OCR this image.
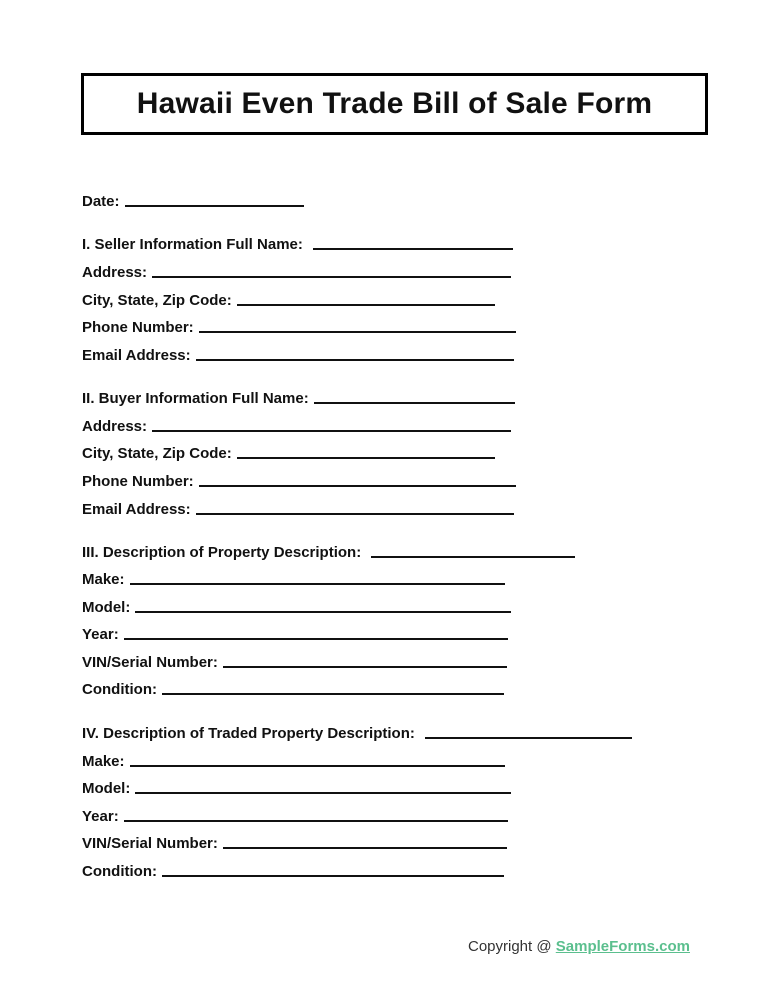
Hawaii Even Trade Bill of Sale Form
Date:
I. Seller Information Full Name:
Address:
City, State, Zip Code:
Phone Number:
Email Address:
II. Buyer Information Full Name:
Address:
City, State, Zip Code:
Phone Number:
Email Address:
III. Description of Property Description:
Make:
Model:
Year:
VIN/Serial Number:
Condition:
IV. Description of Traded Property Description:
Make:
Model:
Year:
VIN/Serial Number:
Condition:
Copyright @ SampleForms.com
